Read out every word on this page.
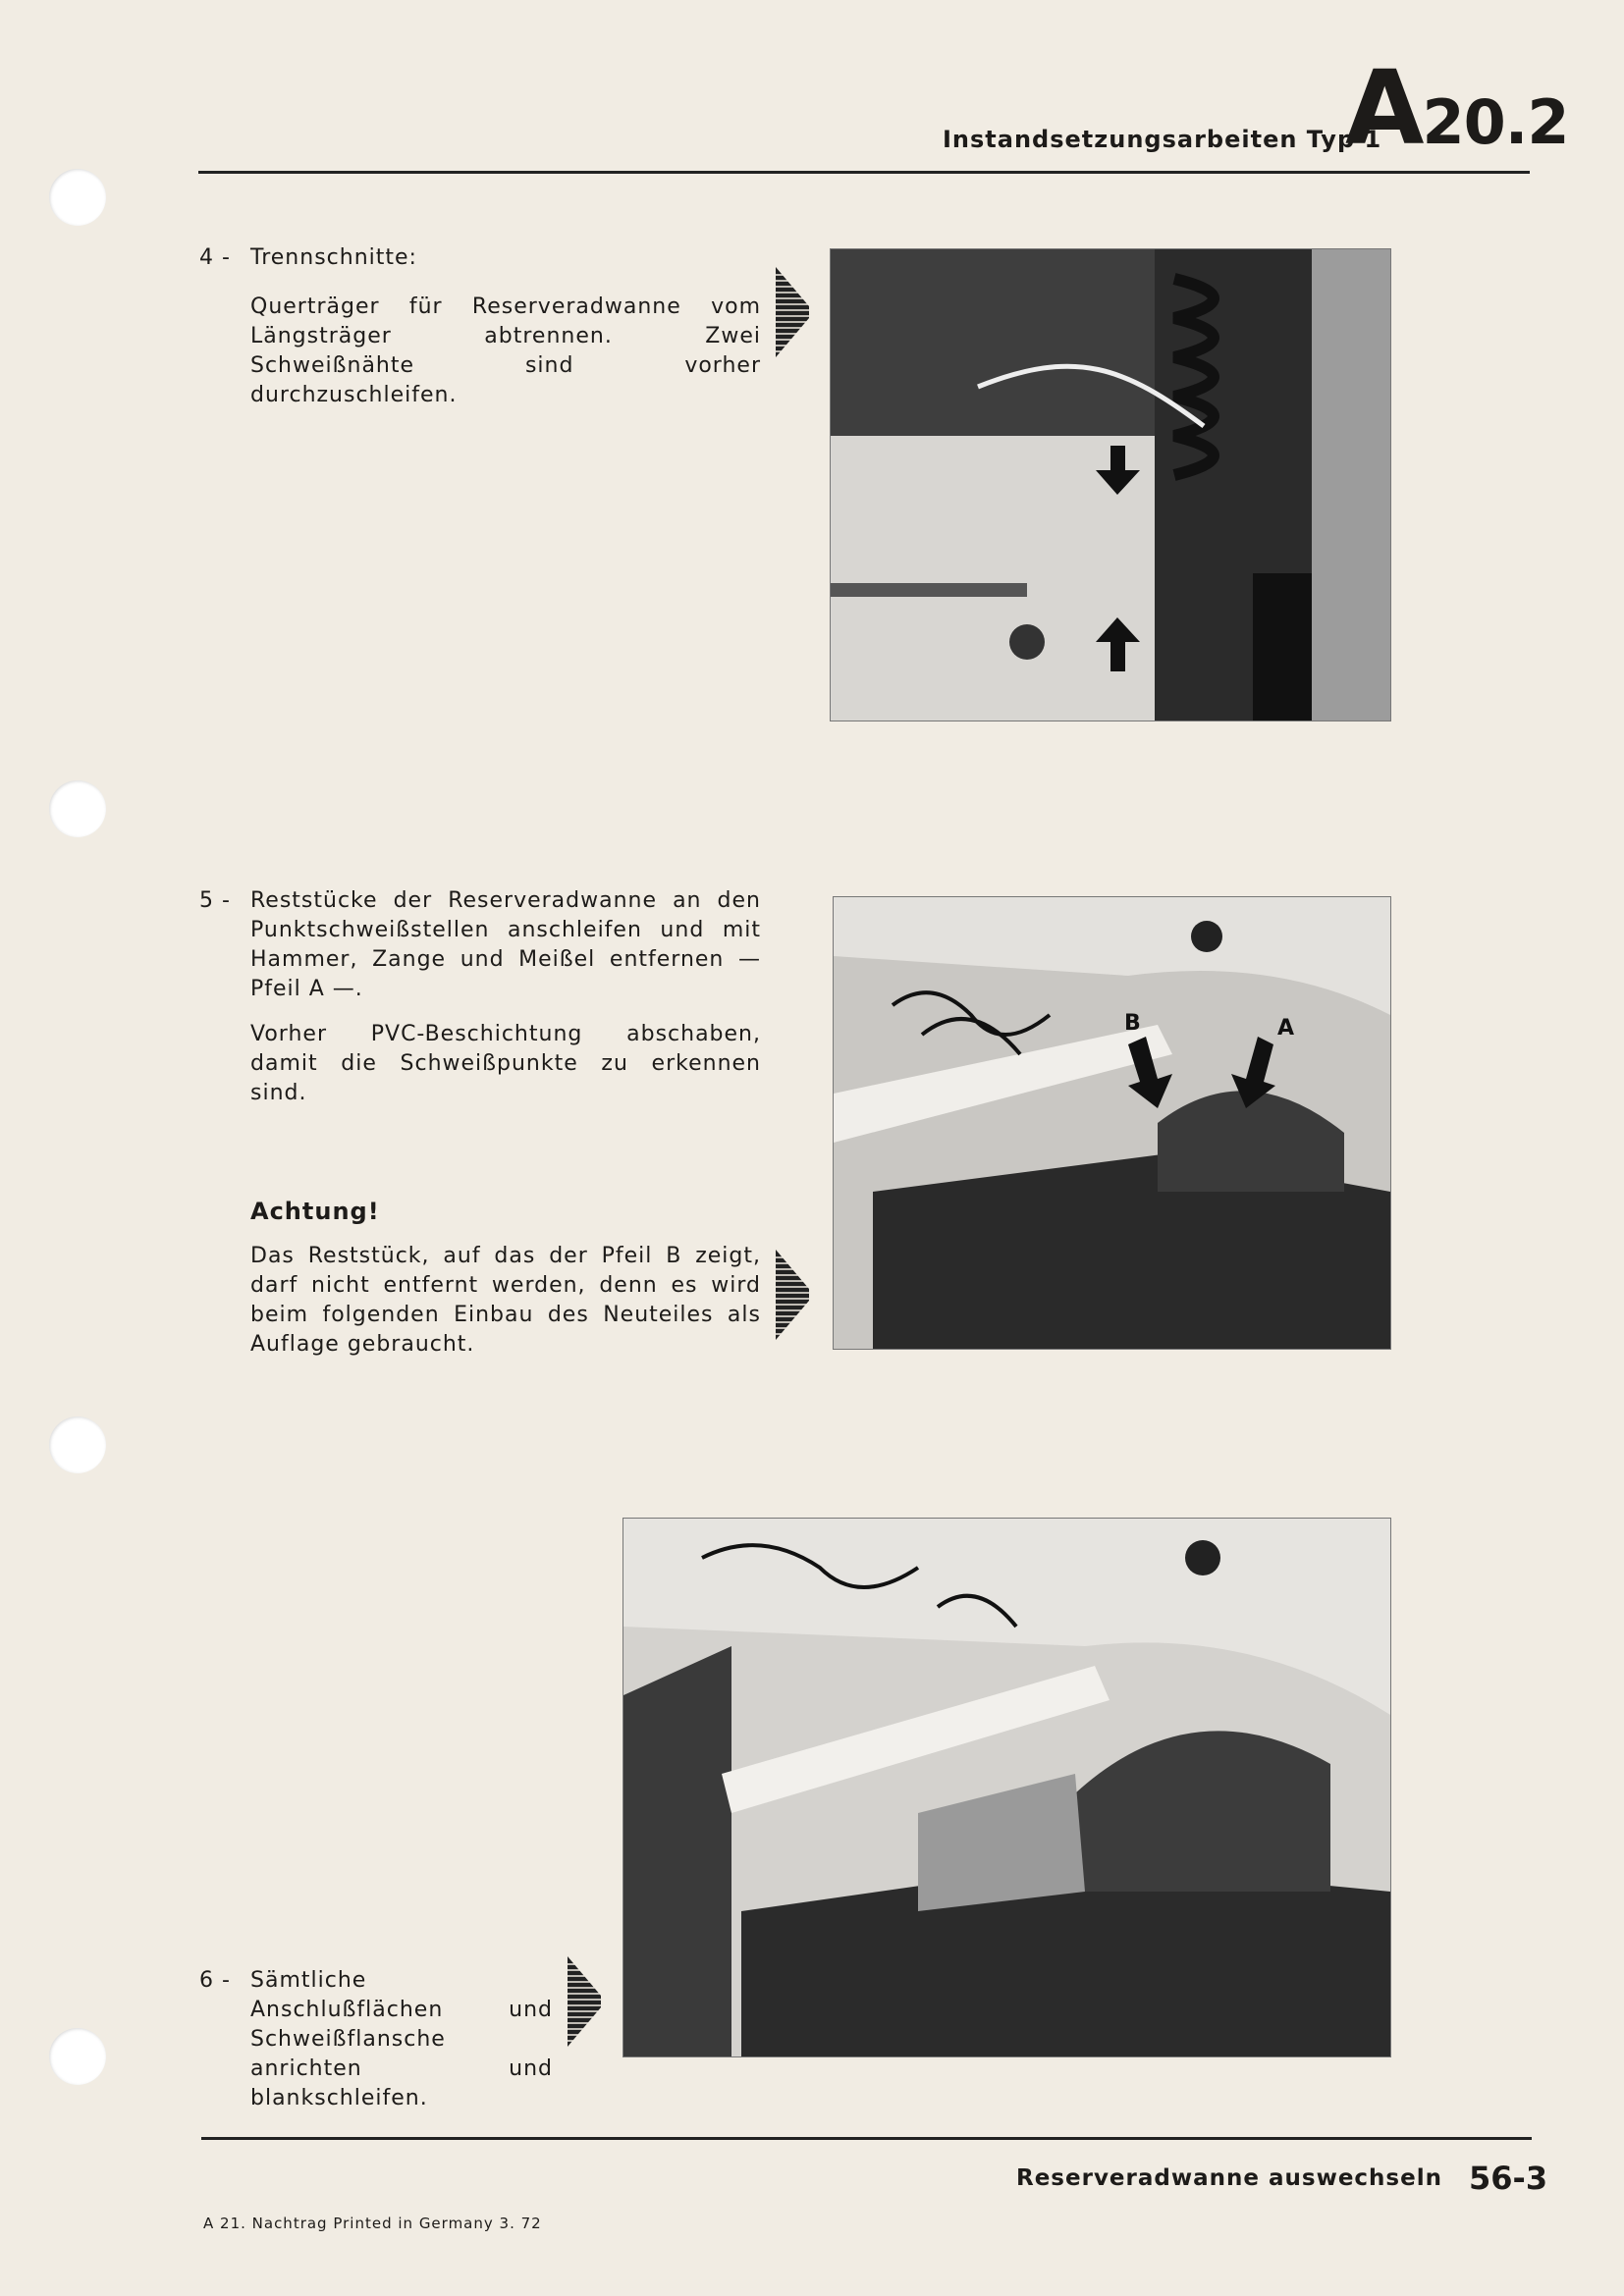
Instandsetzungsarbeiten Typ 1
A20.2
4 - Trennschnitte:

Querträger für Reserveradwanne vom Längsträger abtrennen. Zwei Schweißnähte sind vorher durchzuschleifen.

5 - Reststücke der Reserveradwanne an den Punktschweißstellen anschleifen und mit Hammer, Zange und Meißel entfernen — Pfeil A —.

Vorher PVC-Beschichtung abschaben, damit die Schweißpunkte zu erkennen sind.

Achtung!
Das Reststück, auf das der Pfeil B zeigt, darf nicht entfernt werden, denn es wird beim folgenden Einbau des Neuteiles als Auflage gebraucht.
B	A
6 - Sämtliche Anschlußflächen und Schweißflansche anrichten und blankschleifen.

Reserveradwanne auswechseln 56-3
A 21. Nachtrag Printed in Germany 3. 72
